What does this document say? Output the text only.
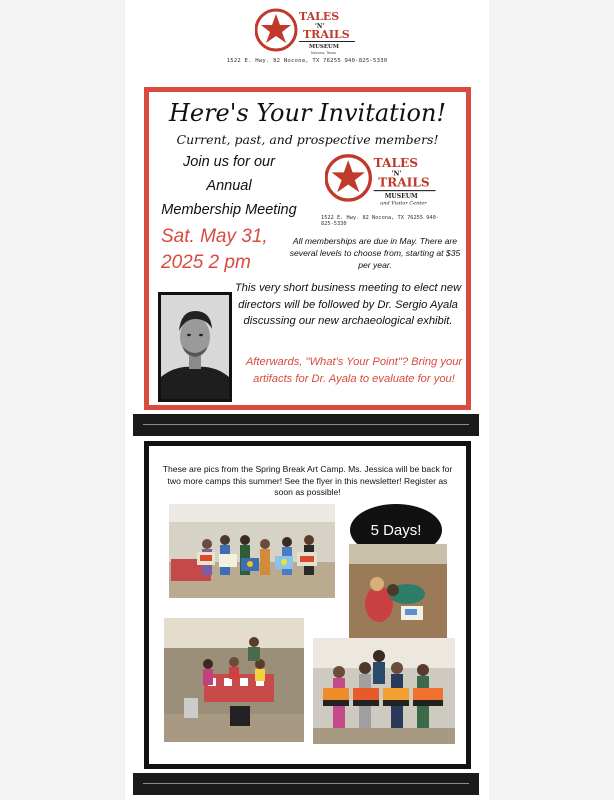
TALES
'N'
TRAILS
MUSEUM
Nocona, Texas
1522 E. Hwy. 82 Nocona, TX 76255 940-825-5330
Here's Your Invitation!
Current, past, and prospective members!
Join us for our
Annual
Membership Meeting
Sat. May 31,
2025 2 pm
TALES
'N'
TRAILS
MUSEUM
and Visitor Center
1522 E. Hwy. 82 Nocona, TX 76255 940-825-5330
All memberships are due in May. There are several levels to choose from, starting at $35 per year.
This very short business meeting to elect new directors will be followed by Dr. Sergio Ayala discussing our new archaeological exhibit.
Afterwards, "What's Your Point"? Bring your artifacts for Dr. Ayala to evaluate for you!
These are pics from the Spring Break Art Camp. Ms. Jessica will be back for two more camps this summer! See the flyer in this newsletter! Register as soon as possible!
5 Days!
